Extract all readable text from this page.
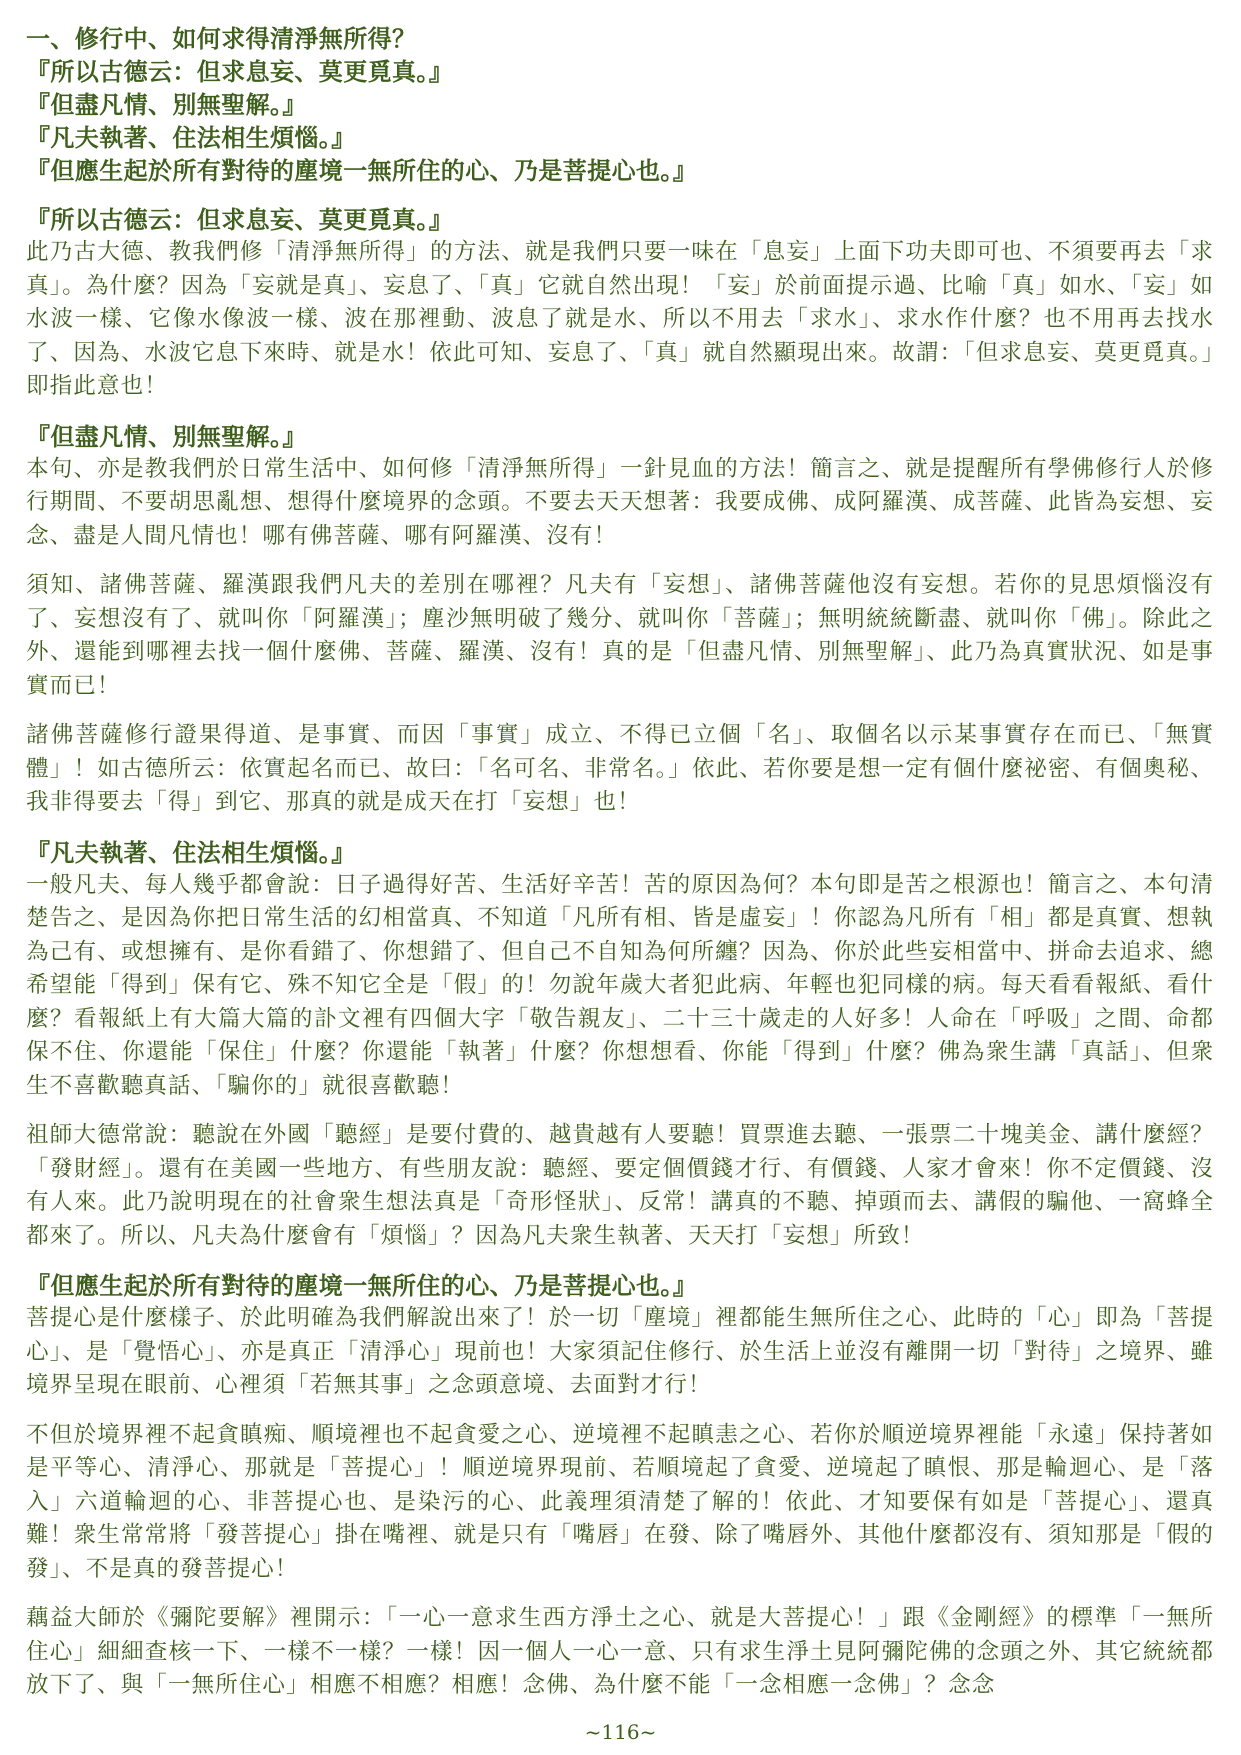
一、修行中、如何求得清淨無所得？
『所以古德云：但求息妄、莫更覓真。』
『但盡凡情、別無聖解。』
『凡夫執著、住法相生煩惱。』
『但應生起於所有對待的塵境一無所住的心、乃是菩提心也。』
『所以古德云：但求息妄、莫更覓真。』

此乃古大德、教我們修「清淨無所得」的方法、就是我們只要一味在「息妄」上面下功夫即可也、不須要再去「求真」。為什麼？因為「妄就是真」、妄息了、「真」它就自然出現！「妄」於前面提示過、比喻「真」如水、「妄」如水波一樣、它像水像波一樣、波在那裡動、波息了就是水、所以不用去「求水」、求水作什麼？也不用再去找水了、因為、水波它息下來時、就是水！依此可知、妄息了、「真」就自然顯現出來。故謂：「但求息妄、莫更覓真。」即指此意也！

『但盡凡情、別無聖解。』

本句、亦是教我們於日常生活中、如何修「清淨無所得」一針見血的方法！簡言之、就是提醒所有學佛修行人於修行期間、不要胡思亂想、想得什麼境界的念頭。不要去天天想著：我要成佛、成阿羅漢、成菩薩、此皆為妄想、妄念、盡是人間凡情也！哪有佛菩薩、哪有阿羅漢、沒有！

須知、諸佛菩薩、羅漢跟我們凡夫的差別在哪裡？凡夫有「妄想」、諸佛菩薩他沒有妄想。若你的見思煩惱沒有了、妄想沒有了、就叫你「阿羅漢」；塵沙無明破了幾分、就叫你「菩薩」；無明統統斷盡、就叫你「佛」。除此之外、還能到哪裡去找一個什麼佛、菩薩、羅漢、沒有！真的是「但盡凡情、別無聖解」、此乃為真實狀況、如是事實而已！

諸佛菩薩修行證果得道、是事實、而因「事實」成立、不得已立個「名」、取個名以示某事實存在而已、「無實體」！如古德所云：依實起名而已、故曰：「名可名、非常名。」依此、若你要是想一定有個什麼祕密、有個奧秘、我非得要去「得」到它、那真的就是成天在打「妄想」也！

『凡夫執著、住法相生煩惱。』

一般凡夫、每人幾乎都會說：日子過得好苦、生活好辛苦！苦的原因為何？本句即是苦之根源也！簡言之、本句清楚告之、是因為你把日常生活的幻相當真、不知道「凡所有相、皆是虛妄」！你認為凡所有「相」都是真實、想執為己有、或想擁有、是你看錯了、你想錯了、但自己不自知為何所纏？因為、你於此些妄相當中、拼命去追求、總希望能「得到」保有它、殊不知它全是「假」的！勿說年歲大者犯此病、年輕也犯同樣的病。每天看看報紙、看什麼？看報紙上有大篇大篇的訃文裡有四個大字「敬告親友」、二十三十歲走的人好多！人命在「呼吸」之間、命都保不住、你還能「保住」什麼？你還能「執著」什麼？你想想看、你能「得到」什麼？佛為衆生講「真話」、但衆生不喜歡聽真話、「騙你的」就很喜歡聽！

祖師大德常說：聽說在外國「聽經」是要付費的、越貴越有人要聽！買票進去聽、一張票二十塊美金、講什麼經？「發財經」。還有在美國一些地方、有些朋友說：聽經、要定個價錢才行、有價錢、人家才會來！你不定價錢、沒有人來。此乃說明現在的社會衆生想法真是「奇形怪狀」、反常！講真的不聽、掉頭而去、講假的騙他、一窩蜂全都來了。所以、凡夫為什麼會有「煩惱」？因為凡夫衆生執著、天天打「妄想」所致！

『但應生起於所有對待的塵境一無所住的心、乃是菩提心也。』

菩提心是什麼樣子、於此明確為我們解說出來了！於一切「塵境」裡都能生無所住之心、此時的「心」即為「菩提心」、是「覺悟心」、亦是真正「清淨心」現前也！大家須記住修行、於生活上並沒有離開一切「對待」之境界、雖境界呈現在眼前、心裡須「若無其事」之念頭意境、去面對才行！

不但於境界裡不起貪瞋痴、順境裡也不起貪愛之心、逆境裡不起瞋恚之心、若你於順逆境界裡能「永遠」保持著如是平等心、清淨心、那就是「菩提心」！順逆境界現前、若順境起了貪愛、逆境起了瞋恨、那是輪迴心、是「落入」六道輪迴的心、非菩提心也、是染污的心、此義理須清楚了解的！依此、才知要保有如是「菩提心」、還真難！衆生常常將「發菩提心」掛在嘴裡、就是只有「嘴唇」在發、除了嘴唇外、其他什麼都沒有、須知那是「假的發」、不是真的發菩提心！

藕益大師於《彌陀要解》裡開示：「一心一意求生西方淨土之心、就是大菩提心！」跟《金剛經》的標準「一無所住心」細細查核一下、一樣不一樣？一樣！因一個人一心一意、只有求生淨土見阿彌陀佛的念頭之外、其它統統都放下了、與「一無所住心」相應不相應？相應！念佛、為什麼不能「一念相應一念佛」？念念

~116~
